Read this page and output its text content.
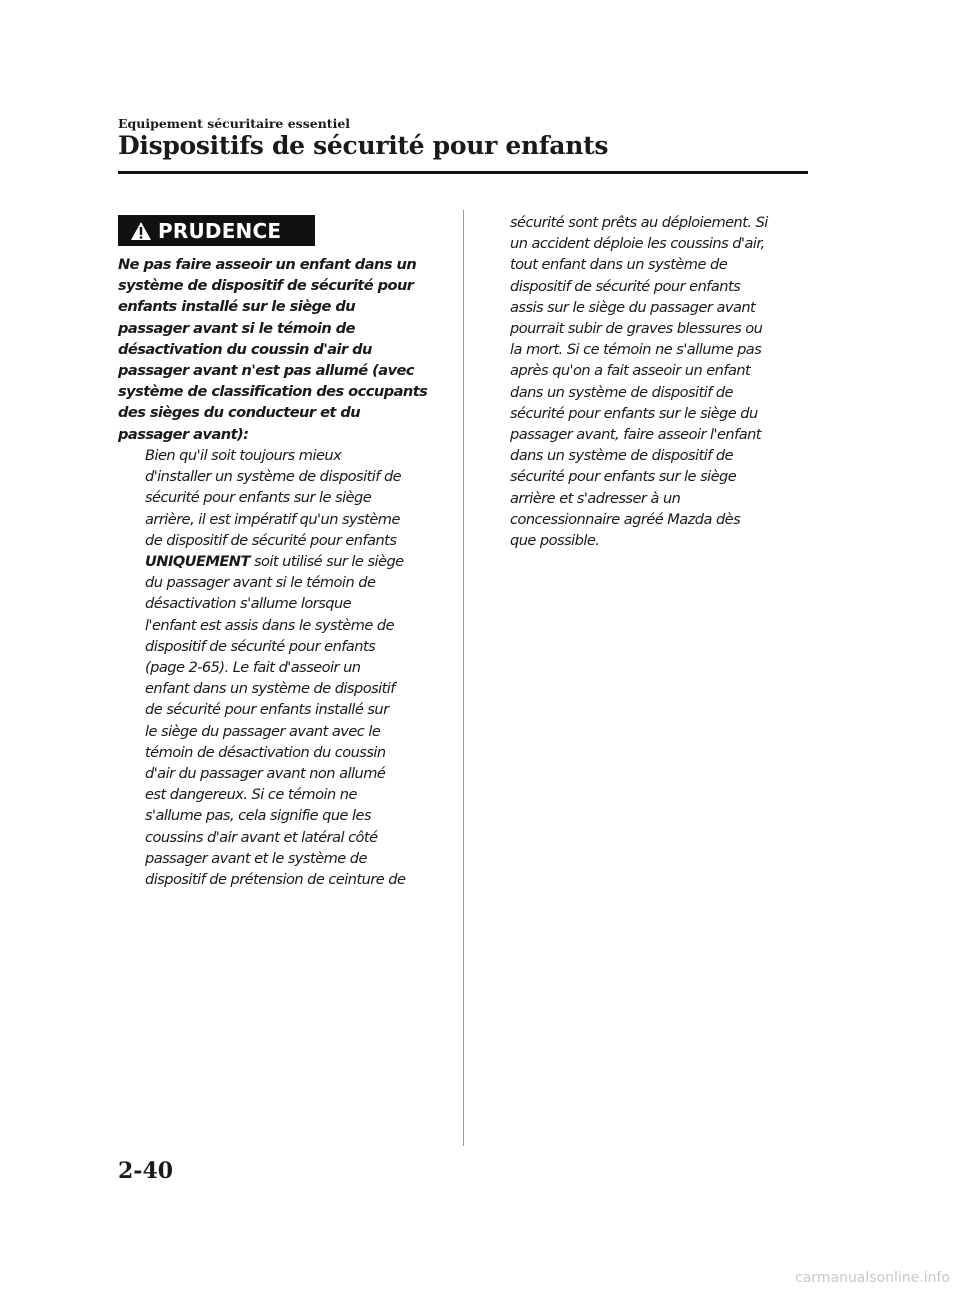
Equipement sécuritaire essentiel
Dispositifs de sécurité pour enfants
PRUDENCE
Ne pas faire asseoir un enfant dans un
système de dispositif de sécurité pour
enfants installé sur le siège du
passager avant si le témoin de
désactivation du coussin d'air du
passager avant n'est pas allumé (avec
système de classification des occupants
des sièges du conducteur et du
passager avant):
Bien qu'il soit toujours mieux
d'installer un système de dispositif de
sécurité pour enfants sur le siège
arrière, il est impératif qu'un système
de dispositif de sécurité pour enfants
UNIQUEMENT soit utilisé sur le siège
du passager avant si le témoin de
désactivation s'allume lorsque
l'enfant est assis dans le système de
dispositif de sécurité pour enfants
(page 2-65). Le fait d'asseoir un
enfant dans un système de dispositif
de sécurité pour enfants installé sur
le siège du passager avant avec le
témoin de désactivation du coussin
d'air du passager avant non allumé
est dangereux. Si ce témoin ne
s'allume pas, cela signifie que les
coussins d'air avant et latéral côté
passager avant et le système de
dispositif de prétension de ceinture de
sécurité sont prêts au déploiement. Si
un accident déploie les coussins d'air,
tout enfant dans un système de
dispositif de sécurité pour enfants
assis sur le siège du passager avant
pourrait subir de graves blessures ou
la mort. Si ce témoin ne s'allume pas
après qu'on a fait asseoir un enfant
dans un système de dispositif de
sécurité pour enfants sur le siège du
passager avant, faire asseoir l'enfant
dans un système de dispositif de
sécurité pour enfants sur le siège
arrière et s'adresser à un
concessionnaire agréé Mazda dès
que possible.
2-40
carmanualsonline.info
